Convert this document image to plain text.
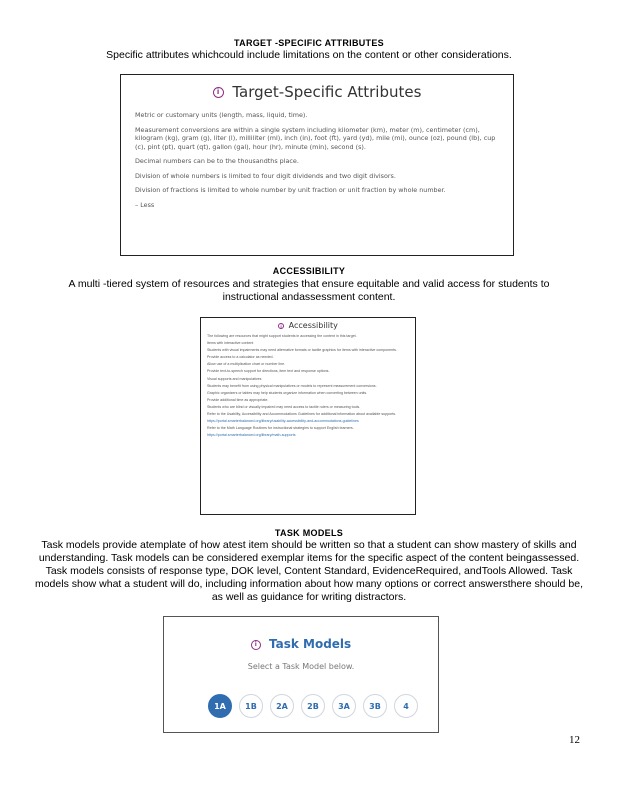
TARGET -SPECIFIC ATTRIBUTES
Specific attributes whichcould include limitations on the content or other considerations.
i Target-Specific Attributes

Metric or customary units (length, mass, liquid, time).

Measurement conversions are within a single system including kilometer (km), meter (m), centimeter (cm), kilogram (kg), gram (g), liter (l), milliliter (ml), inch (in), foot (ft), yard (yd), mile (mi), ounce (oz), pound (lb), cup (c), pint (pt), quart (qt), gallon (gal), hour (hr), minute (min), second (s).

Decimal numbers can be to the thousandths place.

Division of whole numbers is limited to four digit dividends and two digit divisors.

Division of fractions is limited to whole number by unit fraction or unit fraction by whole number.

– Less

ACCESSIBILITY
A multi -tiered system of resources and strategies that ensure equitable and valid access for students to instructional andassessment content.
i Accessibility

The following are resources that might support students in accessing the content in this target.

Items with interactive content

Students with visual impairments may need alternative formats or tactile graphics for items with interactive components.

Provide access to a calculator as needed.

Allow use of a multiplication chart or number line.

Provide text-to-speech support for directions, item text and response options.

Visual supports and manipulatives

Students may benefit from using physical manipulatives or models to represent measurement conversions.

Graphic organizers or tables may help students organize information when converting between units.

Provide additional time as appropriate.

Students who are blind or visually impaired may need access to tactile rulers or measuring tools.

Refer to the Usability, Accessibility and Accommodations Guidelines for additional information about available supports.

https://portal.smarterbalanced.org/library/usability-accessibility-and-accommodations-guidelines

Refer to the Math Language Routines for instructional strategies to support English learners.

https://portal.smarterbalanced.org/library/math-supports

TASK MODELS
Task models provide atemplate of how atest item should be written so that a student can show mastery of skills and understanding. Task models can be considered exemplar items for the specific aspect of the content beingassessed. Task models consists of response type, DOK level, Content Standard, EvidenceRequired, andTools Allowed. Task models show what a student will do, including information about how many options or correct answersthere should be, as well as guidance for writing distractors.
i Task Models
Select a Task Model below.
1A	1B	2A	2B	3A	3B	4
12
